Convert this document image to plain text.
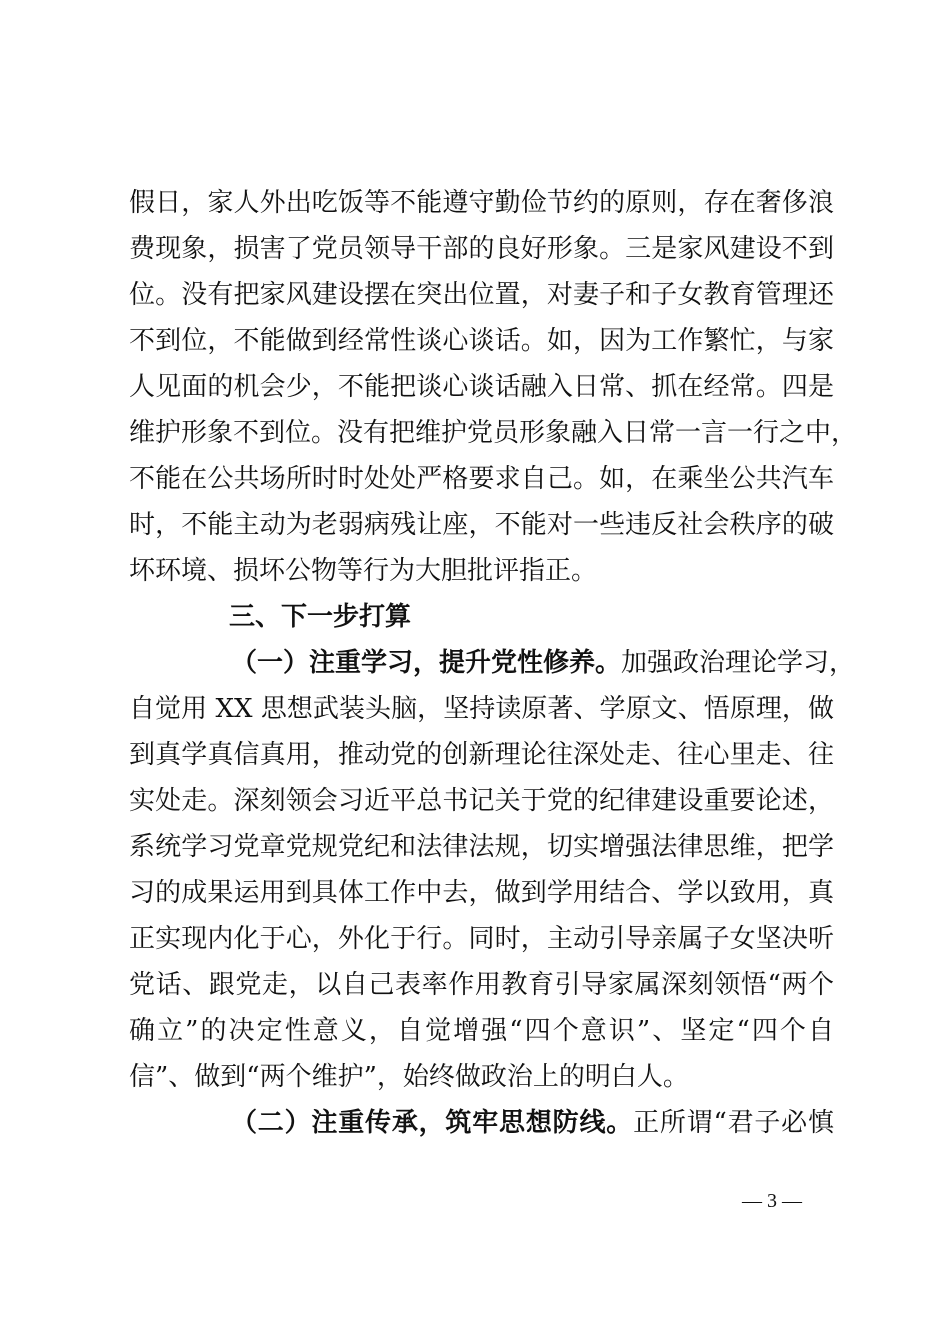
假日，家人外出吃饭等不能遵守勤俭节约的原则，存在奢侈浪
费现象，损害了党员领导干部的良好形象。三是家风建设不到
位。没有把家风建设摆在突出位置，对妻子和子女教育管理还
不到位，不能做到经常性谈心谈话。如，因为工作繁忙，与家
人见面的机会少，不能把谈心谈话融入日常、抓在经常。四是
维护形象不到位。没有把维护党员形象融入日常一言一行之中，
不能在公共场所时时处处严格要求自己。如，在乘坐公共汽车
时，不能主动为老弱病残让座，不能对一些违反社会秩序的破
坏环境、损坏公物等行为大胆批评指正。
三、下一步打算
（一）注重学习，提升党性修养。加强政治理论学习，
自觉用 XX 思想武装头脑，坚持读原著、学原文、悟原理，做
到真学真信真用，推动党的创新理论往深处走、往心里走、往
实处走。深刻领会习近平总书记关于党的纪律建设重要论述，
系统学习党章党规党纪和法律法规，切实增强法律思维，把学
习的成果运用到具体工作中去，做到学用结合、学以致用，真
正实现内化于心，外化于行。同时，主动引导亲属子女坚决听
党话、跟党走，以自己表率作用教育引导家属深刻领悟“两个
确立”的决定性意义，自觉增强“四个意识”、坚定“四个自
信”、做到“两个维护”，始终做政治上的明白人。
（二）注重传承，筑牢思想防线。正所谓“君子必慎
— 3 —
